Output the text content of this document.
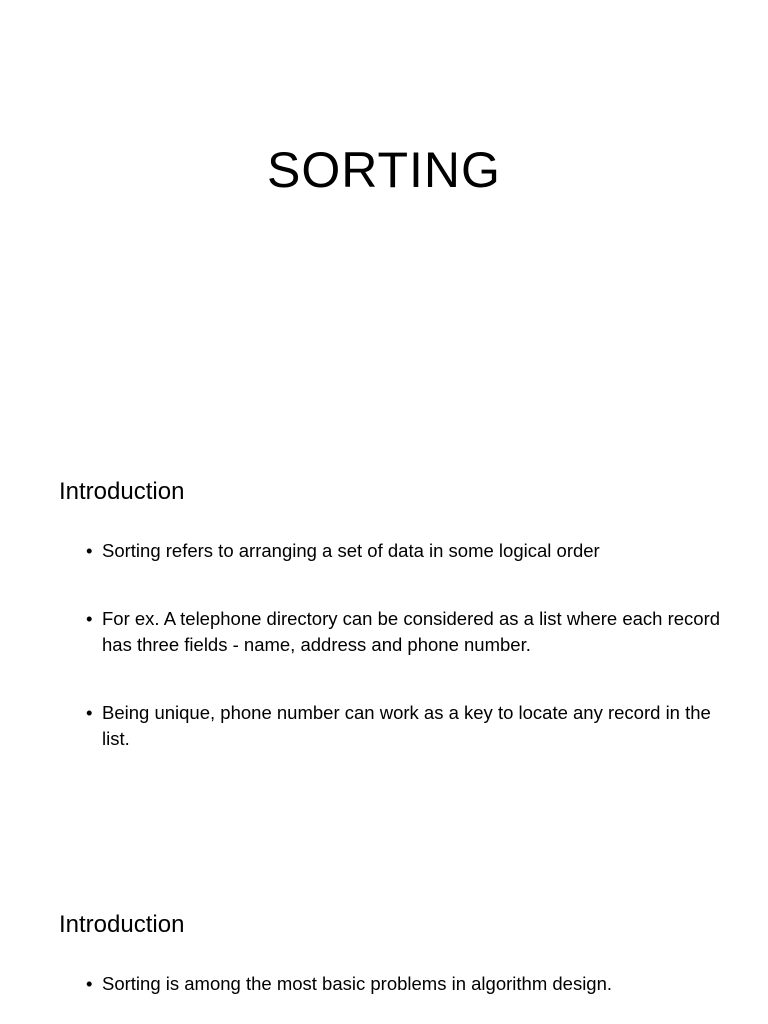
SORTING
Introduction
• Sorting refers to arranging a set of data in some logical order
• For ex. A telephone directory can be considered as a list where each record has three fields - name, address and phone number.
• Being unique, phone number can work as a key to locate any record in the list.
Introduction
• Sorting is among the most basic problems in algorithm design.
